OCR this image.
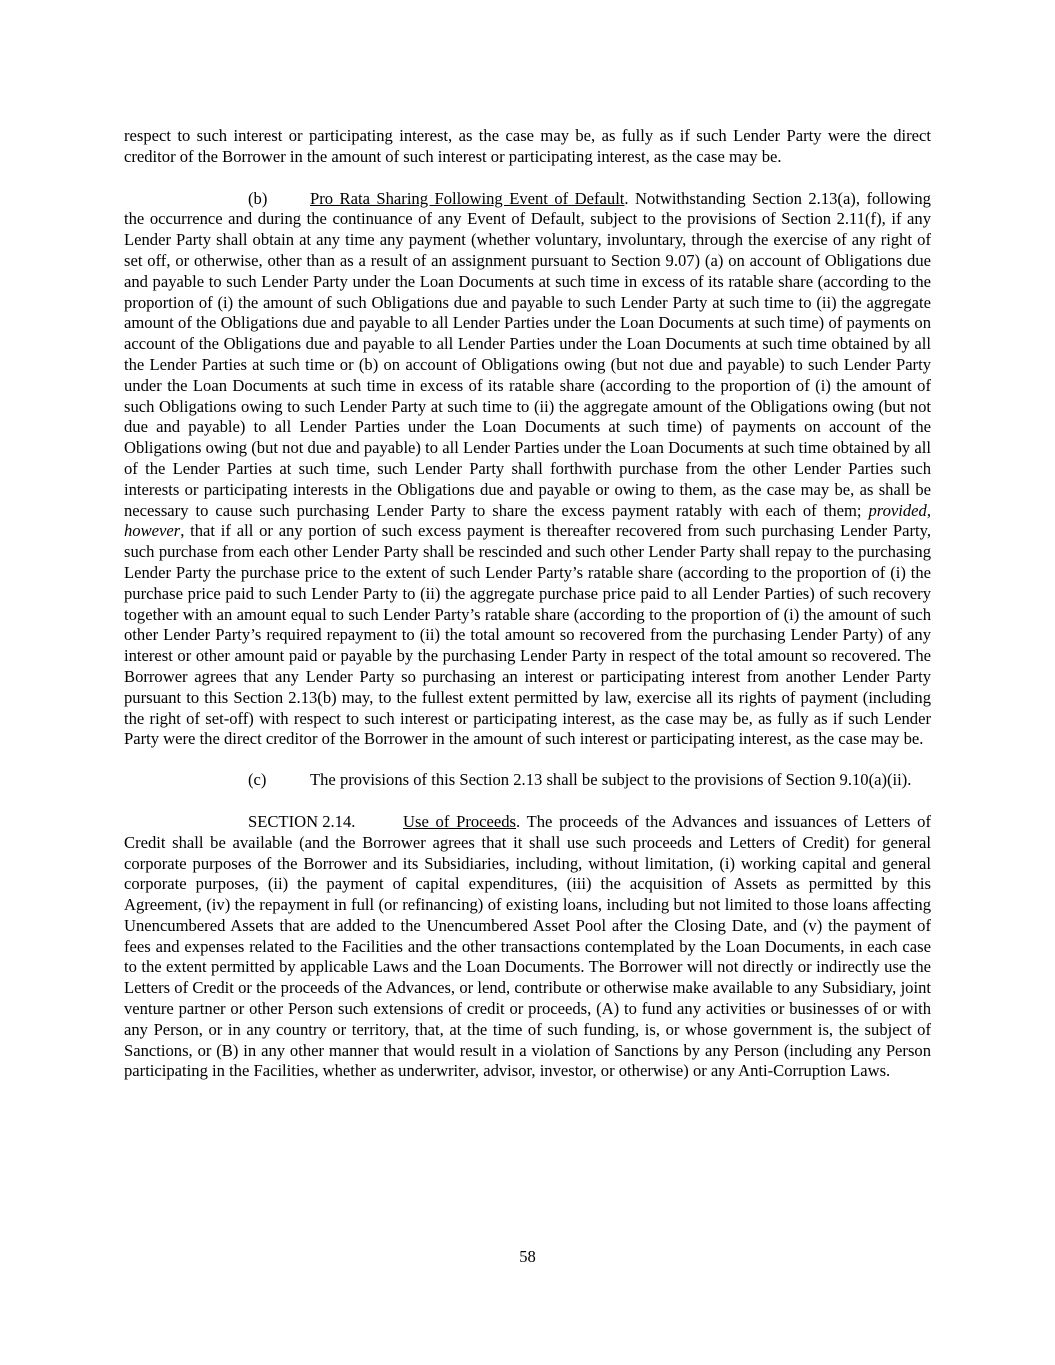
respect to such interest or participating interest, as the case may be, as fully as if such Lender Party were the direct creditor of the Borrower in the amount of such interest or participating interest, as the case may be.

(b)	Pro Rata Sharing Following Event of Default. Notwithstanding Section 2.13(a), following the occurrence and during the continuance of any Event of Default, subject to the provisions of Section 2.11(f), if any Lender Party shall obtain at any time any payment (whether voluntary, involuntary, through the exercise of any right of set off, or otherwise, other than as a result of an assignment pursuant to Section 9.07) (a) on account of Obligations due and payable to such Lender Party under the Loan Documents at such time in excess of its ratable share (according to the proportion of (i) the amount of such Obligations due and payable to such Lender Party at such time to (ii) the aggregate amount of the Obligations due and payable to all Lender Parties under the Loan Documents at such time) of payments on account of the Obligations due and payable to all Lender Parties under the Loan Documents at such time obtained by all the Lender Parties at such time or (b) on account of Obligations owing (but not due and payable) to such Lender Party under the Loan Documents at such time in excess of its ratable share (according to the proportion of (i) the amount of such Obligations owing to such Lender Party at such time to (ii) the aggregate amount of the Obligations owing (but not due and payable) to all Lender Parties under the Loan Documents at such time) of payments on account of the Obligations owing (but not due and payable) to all Lender Parties under the Loan Documents at such time obtained by all of the Lender Parties at such time, such Lender Party shall forthwith purchase from the other Lender Parties such interests or participating interests in the Obligations due and payable or owing to them, as the case may be, as shall be necessary to cause such purchasing Lender Party to share the excess payment ratably with each of them; provided, however, that if all or any portion of such excess payment is thereafter recovered from such purchasing Lender Party, such purchase from each other Lender Party shall be rescinded and such other Lender Party shall repay to the purchasing Lender Party the purchase price to the extent of such Lender Party’s ratable share (according to the proportion of (i) the purchase price paid to such Lender Party to (ii) the aggregate purchase price paid to all Lender Parties) of such recovery together with an amount equal to such Lender Party’s ratable share (according to the proportion of (i) the amount of such other Lender Party’s required repayment to (ii) the total amount so recovered from the purchasing Lender Party) of any interest or other amount paid or payable by the purchasing Lender Party in respect of the total amount so recovered. The Borrower agrees that any Lender Party so purchasing an interest or participating interest from another Lender Party pursuant to this Section 2.13(b) may, to the fullest extent permitted by law, exercise all its rights of payment (including the right of set-off) with respect to such interest or participating interest, as the case may be, as fully as if such Lender Party were the direct creditor of the Borrower in the amount of such interest or participating interest, as the case may be.

(c)	The provisions of this Section 2.13 shall be subject to the provisions of Section 9.10(a)(ii).

SECTION 2.14.	Use of Proceeds. The proceeds of the Advances and issuances of Letters of Credit shall be available (and the Borrower agrees that it shall use such proceeds and Letters of Credit) for general corporate purposes of the Borrower and its Subsidiaries, including, without limitation, (i) working capital and general corporate purposes, (ii) the payment of capital expenditures, (iii) the acquisition of Assets as permitted by this Agreement, (iv) the repayment in full (or refinancing) of existing loans, including but not limited to those loans affecting Unencumbered Assets that are added to the Unencumbered Asset Pool after the Closing Date, and (v) the payment of fees and expenses related to the Facilities and the other transactions contemplated by the Loan Documents, in each case to the extent permitted by applicable Laws and the Loan Documents. The Borrower will not directly or indirectly use the Letters of Credit or the proceeds of the Advances, or lend, contribute or otherwise make available to any Subsidiary, joint venture partner or other Person such extensions of credit or proceeds, (A) to fund any activities or businesses of or with any Person, or in any country or territory, that, at the time of such funding, is, or whose government is, the subject of Sanctions, or (B) in any other manner that would result in a violation of Sanctions by any Person (including any Person participating in the Facilities, whether as underwriter, advisor, investor, or otherwise) or any Anti-Corruption Laws.

58
